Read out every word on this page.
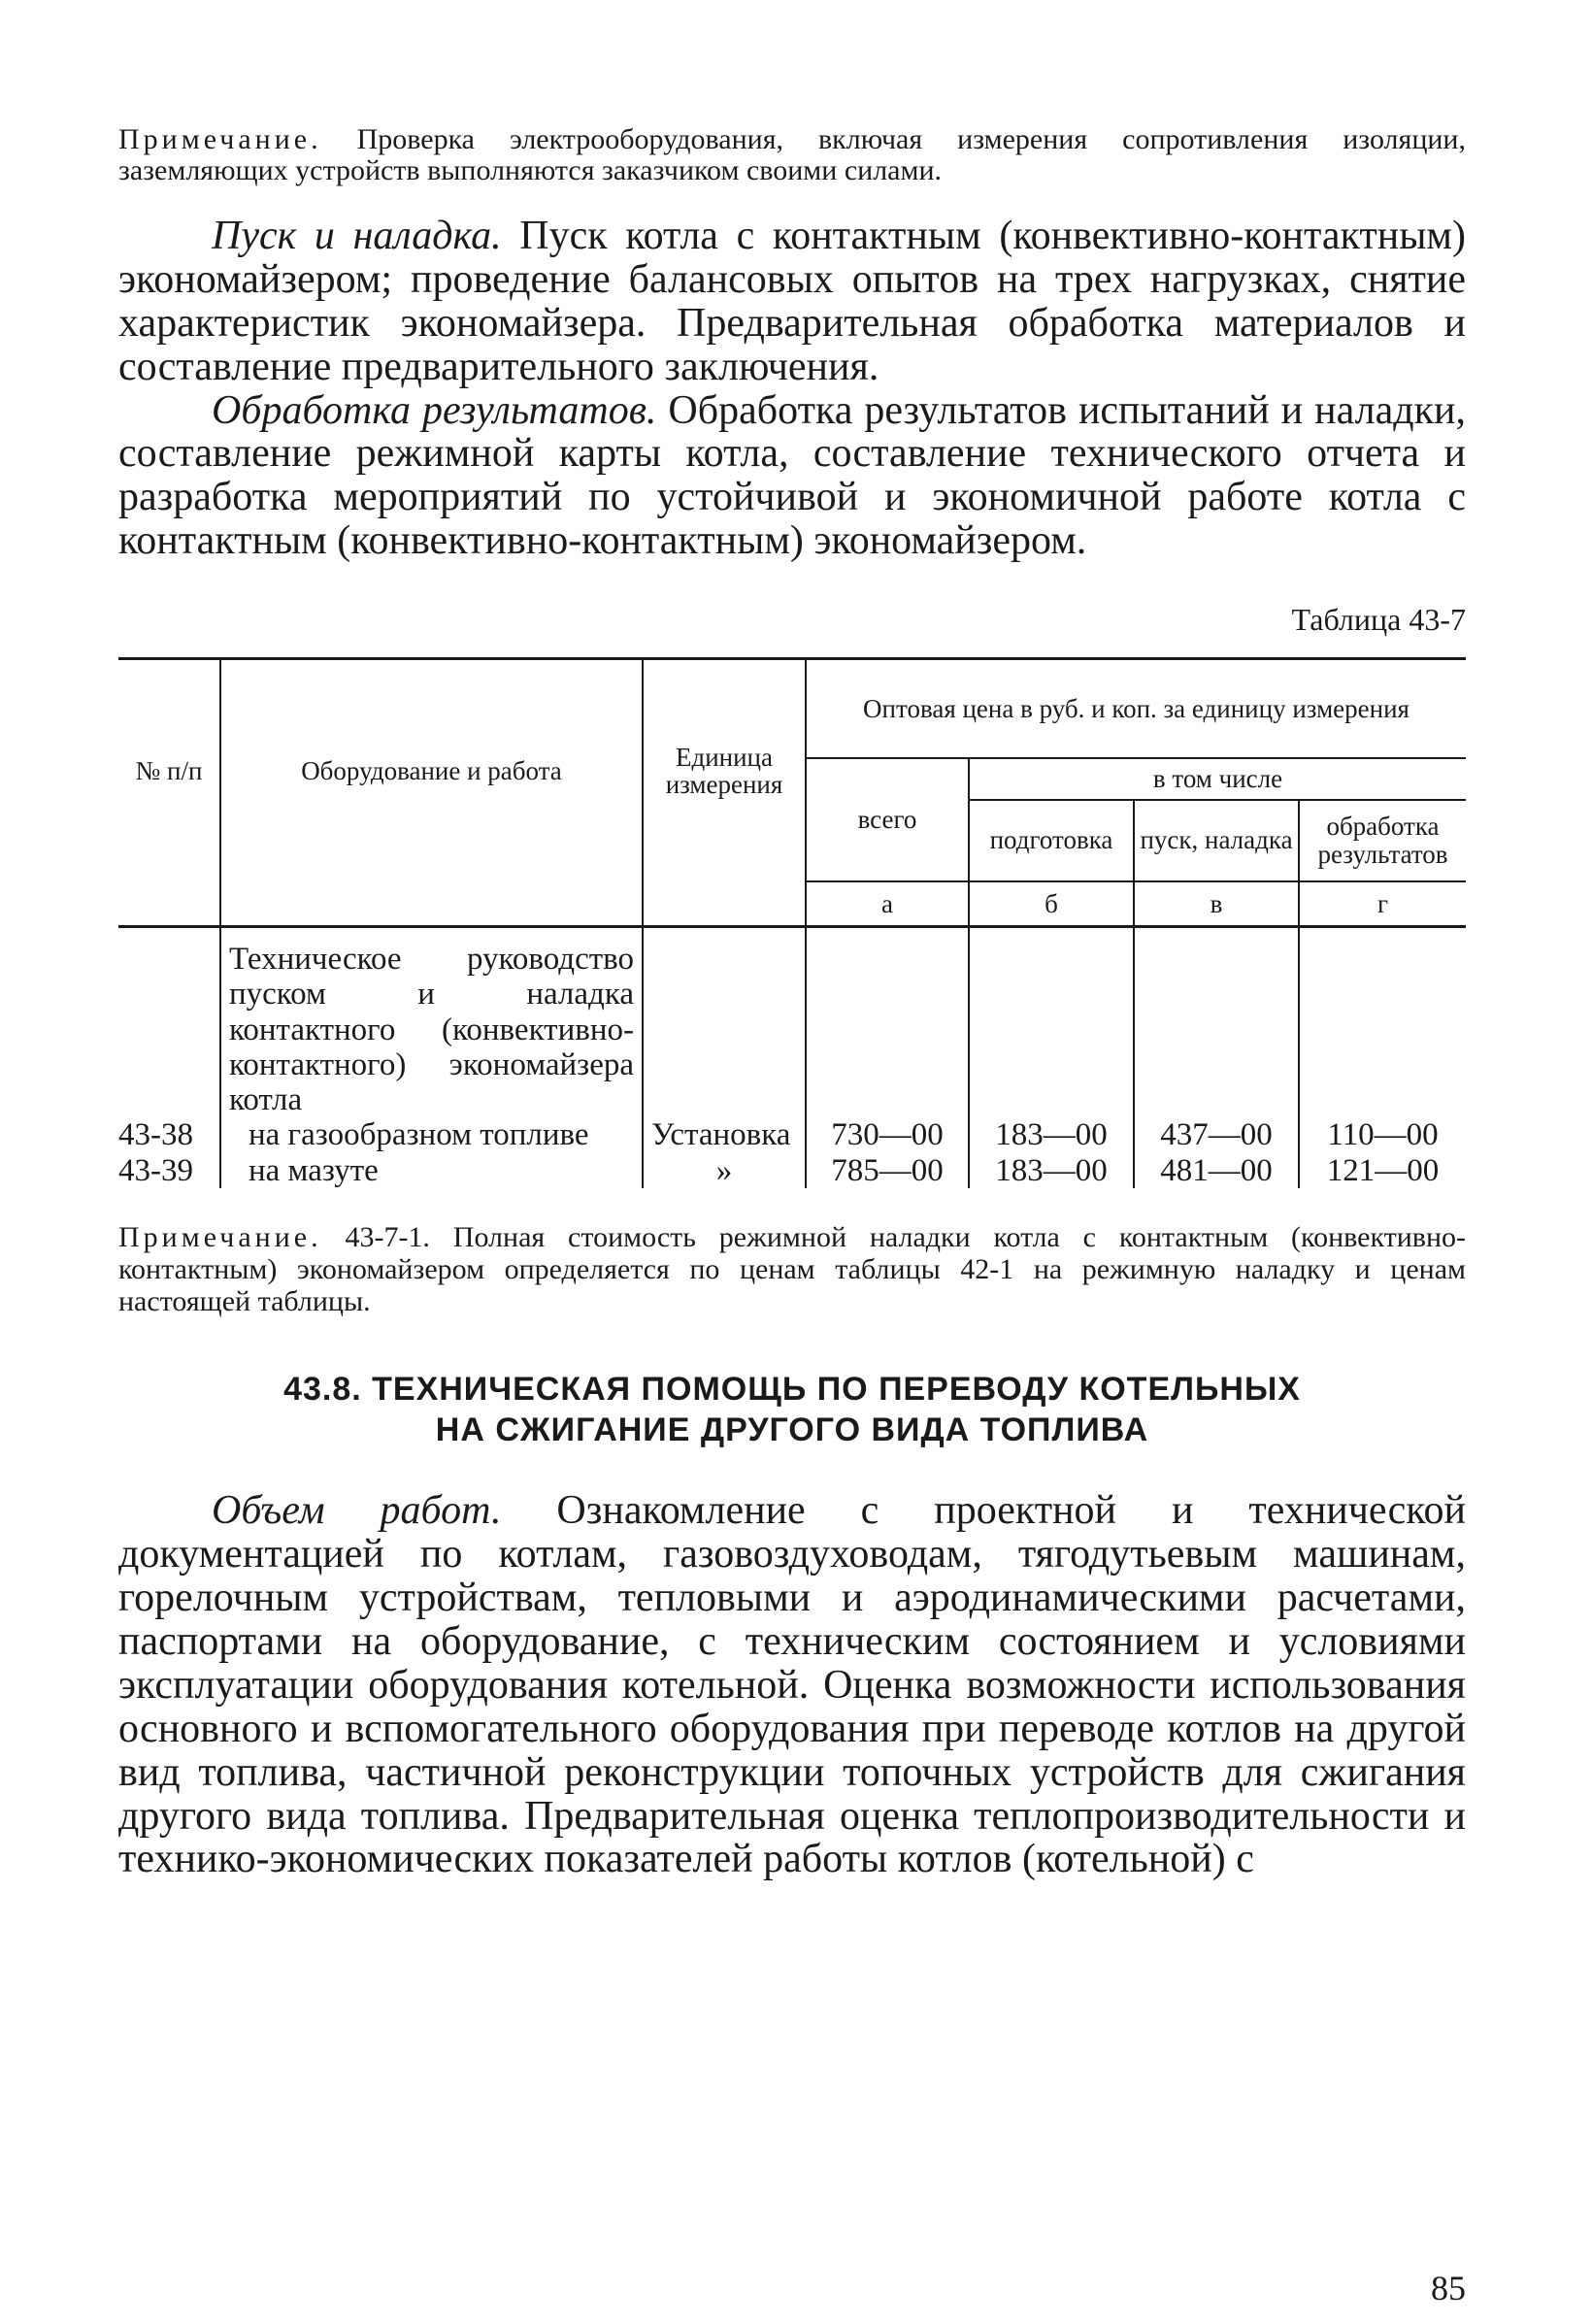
Примечание. Проверка электрооборудования, включая измерения сопротивления изоляции, заземляющих устройств выполняются заказчиком своими силами.

Пуск и наладка. Пуск котла с контактным (конвективно-контактным) экономайзером; проведение балансовых опытов на трех нагрузках, снятие характеристик экономайзера. Предварительная обработка материалов и составление предварительного заключения.

Обработка результатов. Обработка результатов испытаний и наладки, составление режимной карты котла, составление технического отчета и разработка мероприятий по устойчивой и экономичной работе котла с контактным (конвективно-контактным) экономайзером.

Таблица 43-7
№ п/п	Оборудование и работа	Единица измерения	Оптовая цена в руб. и коп. за единицу измерения			
			всего	в том числе		
				подготовка	пуск, наладка	обработка результатов

			а	б	в	г

	Техническое руководство пуском и наладка контактного (конвективно-контактного) экономайзера котла					
43-38	на газообразном топливе	Установка	730—00	183—00	437—00	110—00
43-39	на мазуте	»	785—00	183—00	481—00	121—00

Примечание. 43-7-1. Полная стоимость режимной наладки котла с контактным (конвективно-контактным) экономайзером определяется по ценам таблицы 42-1 на режимную наладку и ценам настоящей таблицы.

43.8. ТЕХНИЧЕСКАЯ ПОМОЩЬ ПО ПЕРЕВОДУ КОТЕЛЬНЫХ
НА СЖИГАНИЕ ДРУГОГО ВИДА ТОПЛИВА

Объем работ. Ознакомление с проектной и технической документацией по котлам, газовоздуховодам, тягодутьевым машинам, горелочным устройствам, тепловыми и аэродинамическими расчетами, паспортами на оборудование, с техническим состоянием и условиями эксплуатации оборудования котельной. Оценка возможности использования основного и вспомогательного оборудования при переводе котлов на другой вид топлива, частичной реконструкции топочных устройств для сжигания другого вида топлива. Предварительная оценка теплопроизводительности и технико-экономических показателей работы котлов (котельной) с

85
